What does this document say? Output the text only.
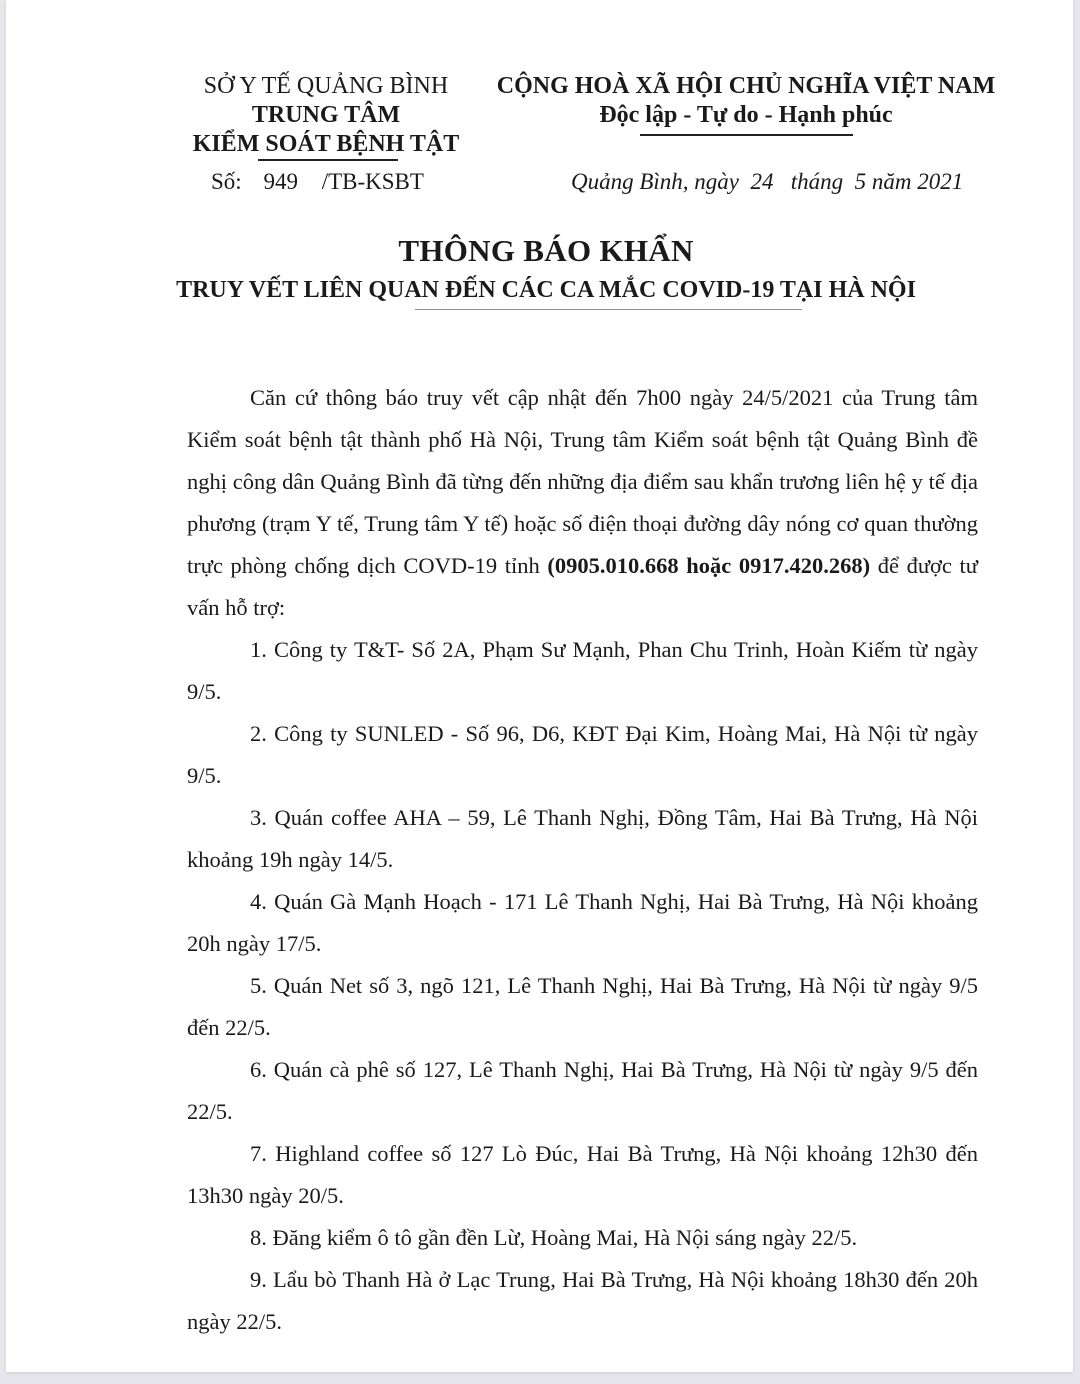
SỞ Y TẾ QUẢNG BÌNH
TRUNG TÂM
KIỂM SOÁT BỆNH TẬT
Số: 949 /TB-KSBT
CỘNG HOÀ XÃ HỘI CHỦ NGHĨA VIỆT NAM
Độc lập - Tự do - Hạnh phúc
Quảng Bình, ngày  24   tháng  5 năm 2021
THÔNG BÁO KHẨN
TRUY VẾT LIÊN QUAN ĐẾN CÁC CA MẮC COVID-19 TẠI HÀ NỘI

Căn cứ thông báo truy vết cập nhật đến 7h00 ngày 24/5/2021 của Trung tâm Kiểm soát bệnh tật thành phố Hà Nội, Trung tâm Kiểm soát bệnh tật Quảng Bình đề nghị công dân Quảng Bình đã từng đến những địa điểm sau khẩn trương liên hệ y tế địa phương (trạm Y tế, Trung tâm Y tế) hoặc số điện thoại đường dây nóng cơ quan thường trực phòng chống dịch COVD-19 tỉnh (0905.010.668 hoặc 0917.420.268) để được tư vấn hỗ trợ:

1. Công ty T&T- Số 2A, Phạm Sư Mạnh, Phan Chu Trinh, Hoàn Kiếm từ ngày 9/5.

2. Công ty SUNLED - Số 96, D6, KĐT Đại Kim, Hoàng Mai, Hà Nội từ ngày 9/5.

3. Quán coffee AHA – 59, Lê Thanh Nghị, Đồng Tâm, Hai Bà Trưng, Hà Nội khoảng 19h ngày 14/5.

4. Quán Gà Mạnh Hoạch - 171 Lê Thanh Nghị, Hai Bà Trưng, Hà Nội khoảng 20h ngày 17/5.

5. Quán Net số 3, ngõ 121, Lê Thanh Nghị, Hai Bà Trưng, Hà Nội từ ngày 9/5 đến 22/5.

6. Quán cà phê số 127, Lê Thanh Nghị, Hai Bà Trưng, Hà Nội từ ngày 9/5 đến 22/5.

7. Highland coffee số 127 Lò Đúc, Hai Bà Trưng, Hà Nội khoảng 12h30 đến 13h30 ngày 20/5.

8. Đăng kiểm ô tô gần đền Lừ, Hoàng Mai, Hà Nội sáng ngày 22/5.

9. Lẩu bò Thanh Hà ở Lạc Trung, Hai Bà Trưng, Hà Nội khoảng 18h30 đến 20h ngày 22/5.
